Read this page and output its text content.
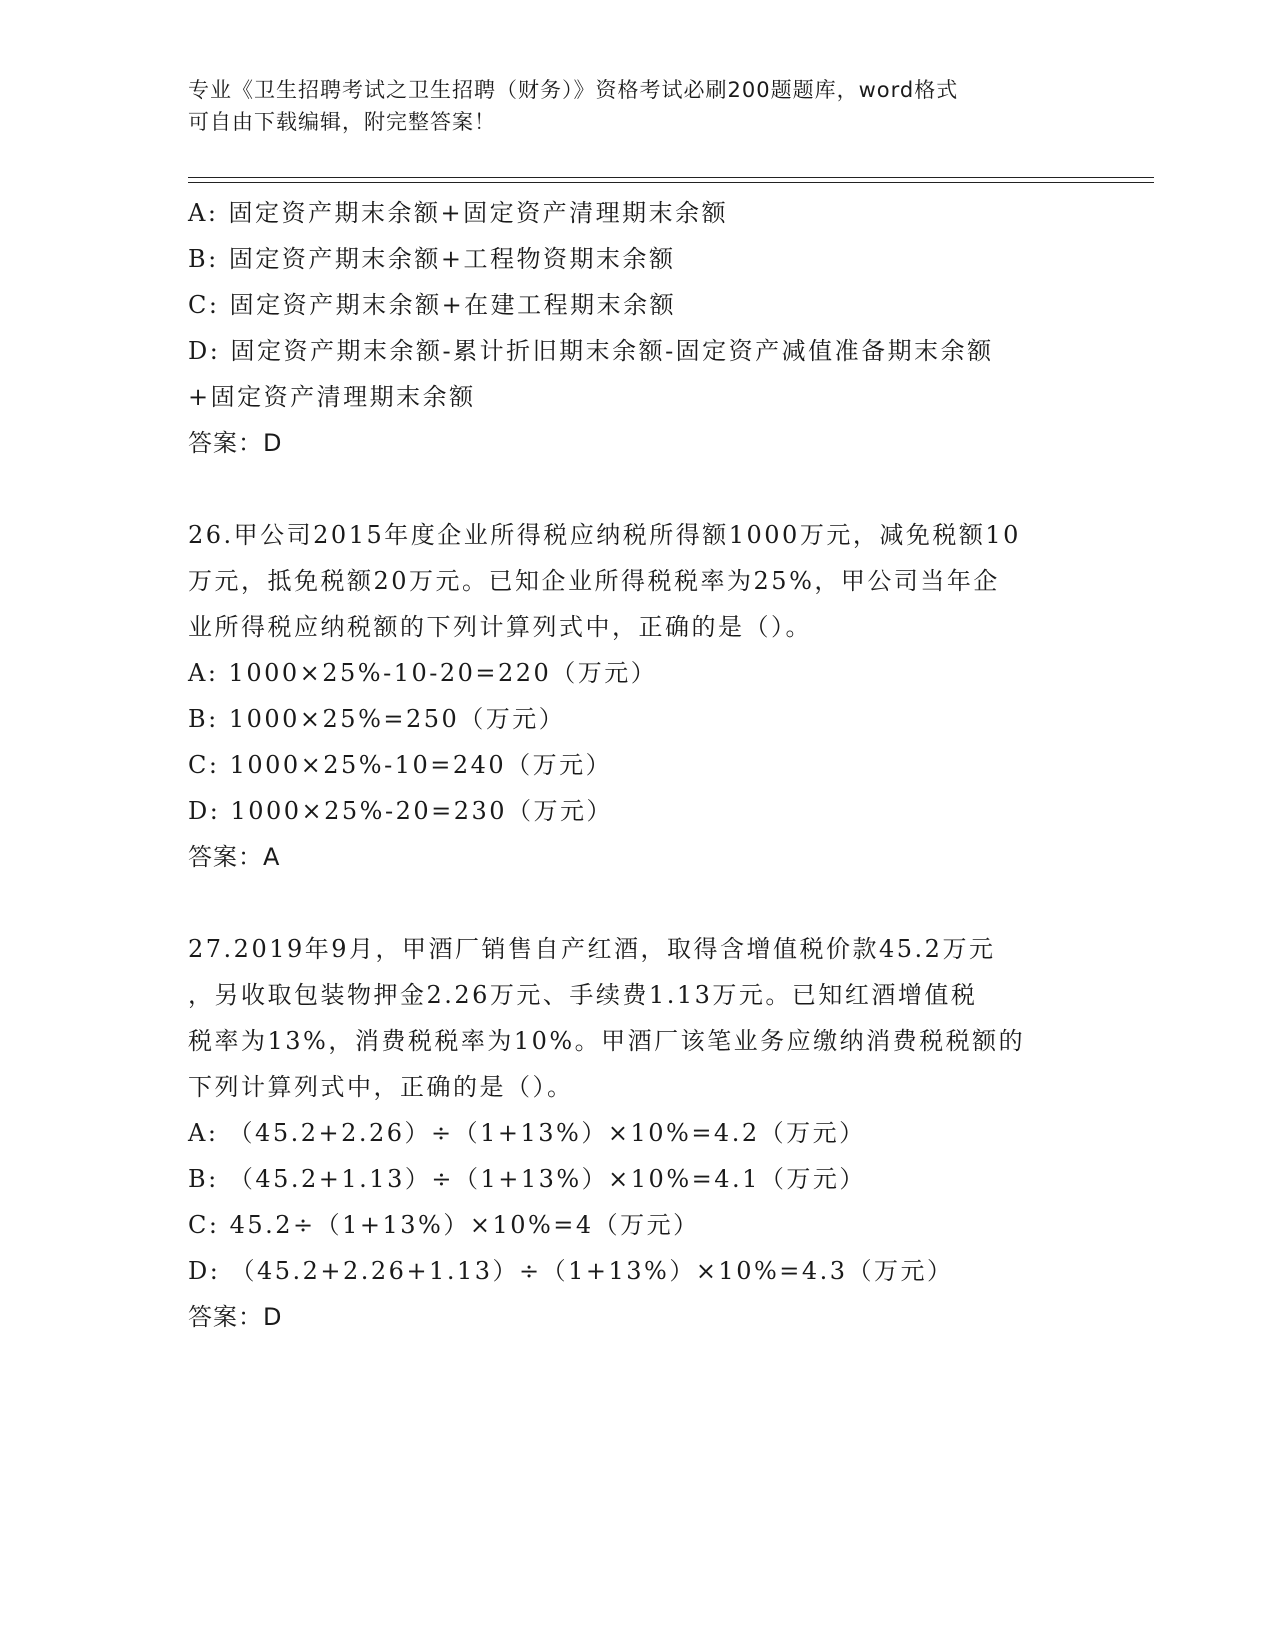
专业《卫生招聘考试之卫生招聘（财务）》资格考试必刷200题题库，word格式
可自由下载编辑，附完整答案！
A: 固定资产期末余额+固定资产清理期末余额
B: 固定资产期末余额+工程物资期末余额
C: 固定资产期末余额+在建工程期末余额
D: 固定资产期末余额-累计折旧期末余额-固定资产减值准备期末余额
+固定资产清理期末余额
答案：D
26.甲公司2015年度企业所得税应纳税所得额1000万元，减免税额10
万元，抵免税额20万元。已知企业所得税税率为25%，甲公司当年企
业所得税应纳税额的下列计算列式中，正确的是（）。
A: 1000×25%-10-20=220（万元）
B: 1000×25%=250（万元）
C: 1000×25%-10=240（万元）
D: 1000×25%-20=230（万元）
答案：A
27.2019年9月，甲酒厂销售自产红酒，取得含增值税价款45.2万元
，另收取包装物押金2.26万元、手续费1.13万元。已知红酒增值税
税率为13%，消费税税率为10%。甲酒厂该笔业务应缴纳消费税税额的
下列计算列式中，正确的是（）。
A: （45.2+2.26）÷（1+13%）×10%=4.2（万元）
B: （45.2+1.13）÷（1+13%）×10%=4.1（万元）
C: 45.2÷（1+13%）×10%=4（万元）
D: （45.2+2.26+1.13）÷（1+13%）×10%=4.3（万元）
答案：D
